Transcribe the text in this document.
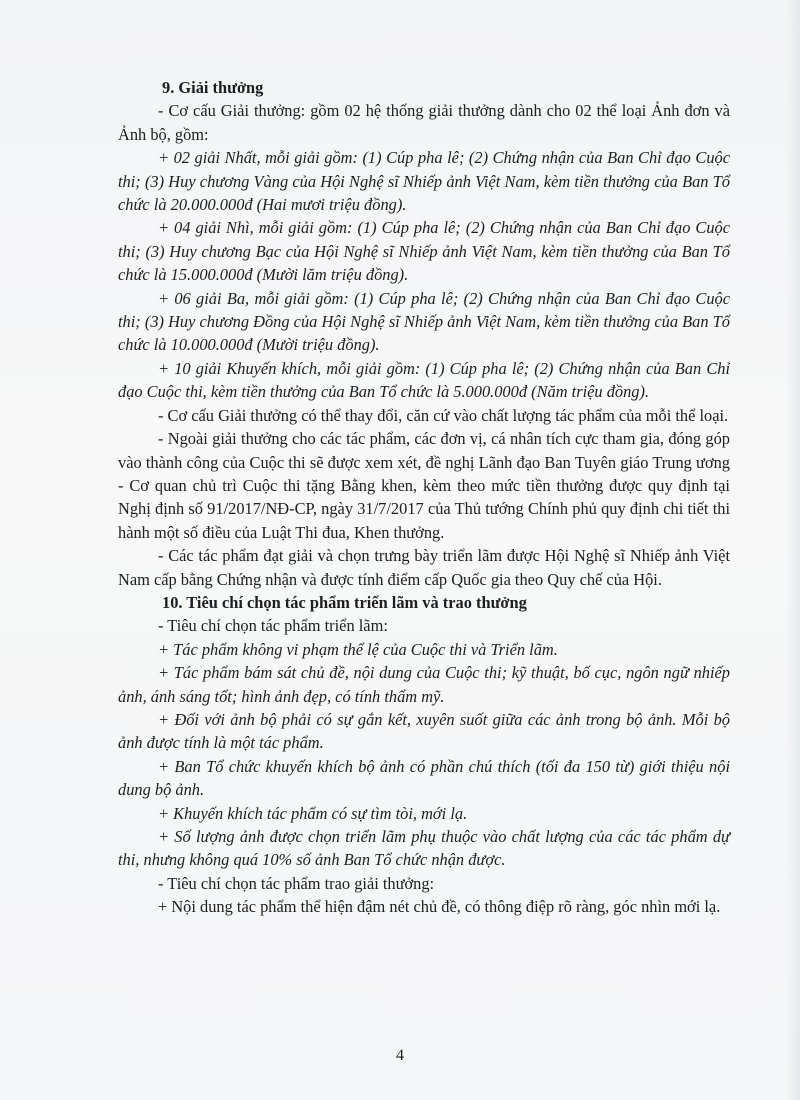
9. Giải thưởng

- Cơ cấu Giải thưởng: gồm 02 hệ thống giải thưởng dành cho 02 thể loại Ảnh đơn và Ảnh bộ, gồm:

+ 02 giải Nhất, mỗi giải gồm: (1) Cúp pha lê; (2) Chứng nhận của Ban Chỉ đạo Cuộc thi; (3) Huy chương Vàng của Hội Nghệ sĩ Nhiếp ảnh Việt Nam, kèm tiền thưởng của Ban Tổ chức là 20.000.000đ (Hai mươi triệu đồng).

+ 04 giải Nhì, mỗi giải gồm: (1) Cúp pha lê; (2) Chứng nhận của Ban Chỉ đạo Cuộc thi; (3) Huy chương Bạc của Hội Nghệ sĩ Nhiếp ảnh Việt Nam, kèm tiền thưởng của Ban Tổ chức là 15.000.000đ (Mười lăm triệu đồng).

+ 06 giải Ba, mỗi giải gồm: (1) Cúp pha lê; (2) Chứng nhận của Ban Chỉ đạo Cuộc thi; (3) Huy chương Đồng của Hội Nghệ sĩ Nhiếp ảnh Việt Nam, kèm tiền thưởng của Ban Tổ chức là 10.000.000đ (Mười triệu đồng).

+ 10 giải Khuyến khích, mỗi giải gồm: (1) Cúp pha lê; (2) Chứng nhận của Ban Chỉ đạo Cuộc thi, kèm tiền thưởng của Ban Tổ chức là 5.000.000đ (Năm triệu đồng).

- Cơ cấu Giải thưởng có thể thay đổi, căn cứ vào chất lượng tác phẩm của mỗi thể loại.

- Ngoài giải thưởng cho các tác phẩm, các đơn vị, cá nhân tích cực tham gia, đóng góp vào thành công của Cuộc thi sẽ được xem xét, đề nghị Lãnh đạo Ban Tuyên giáo Trung ương - Cơ quan chủ trì Cuộc thi tặng Bằng khen, kèm theo mức tiền thưởng được quy định tại Nghị định số 91/2017/NĐ-CP, ngày 31/7/2017 của Thủ tướng Chính phủ quy định chi tiết thi hành một số điều của Luật Thi đua, Khen thưởng.

- Các tác phẩm đạt giải và chọn trưng bày triển lãm được Hội Nghệ sĩ Nhiếp ảnh Việt Nam cấp bằng Chứng nhận và được tính điểm cấp Quốc gia theo Quy chế của Hội.

10. Tiêu chí chọn tác phẩm triển lãm và trao thưởng

- Tiêu chí chọn tác phẩm triển lãm:

+ Tác phẩm không vi phạm thể lệ của Cuộc thi và Triển lãm.

+ Tác phẩm bám sát chủ đề, nội dung của Cuộc thi; kỹ thuật, bố cục, ngôn ngữ nhiếp ảnh, ánh sáng tốt; hình ảnh đẹp, có tính thẩm mỹ.

+ Đối với ảnh bộ phải có sự gắn kết, xuyên suốt giữa các ảnh trong bộ ảnh. Mỗi bộ ảnh được tính là một tác phẩm.

+ Ban Tổ chức khuyến khích bộ ảnh có phần chú thích (tối đa 150 từ) giới thiệu nội dung bộ ảnh.

+ Khuyến khích tác phẩm có sự tìm tòi, mới lạ.

+ Số lượng ảnh được chọn triển lãm phụ thuộc vào chất lượng của các tác phẩm dự thi, nhưng không quá 10% số ảnh Ban Tổ chức nhận được.

- Tiêu chí chọn tác phẩm trao giải thưởng:

+ Nội dung tác phẩm thể hiện đậm nét chủ đề, có thông điệp rõ ràng, góc nhìn mới lạ.

4
